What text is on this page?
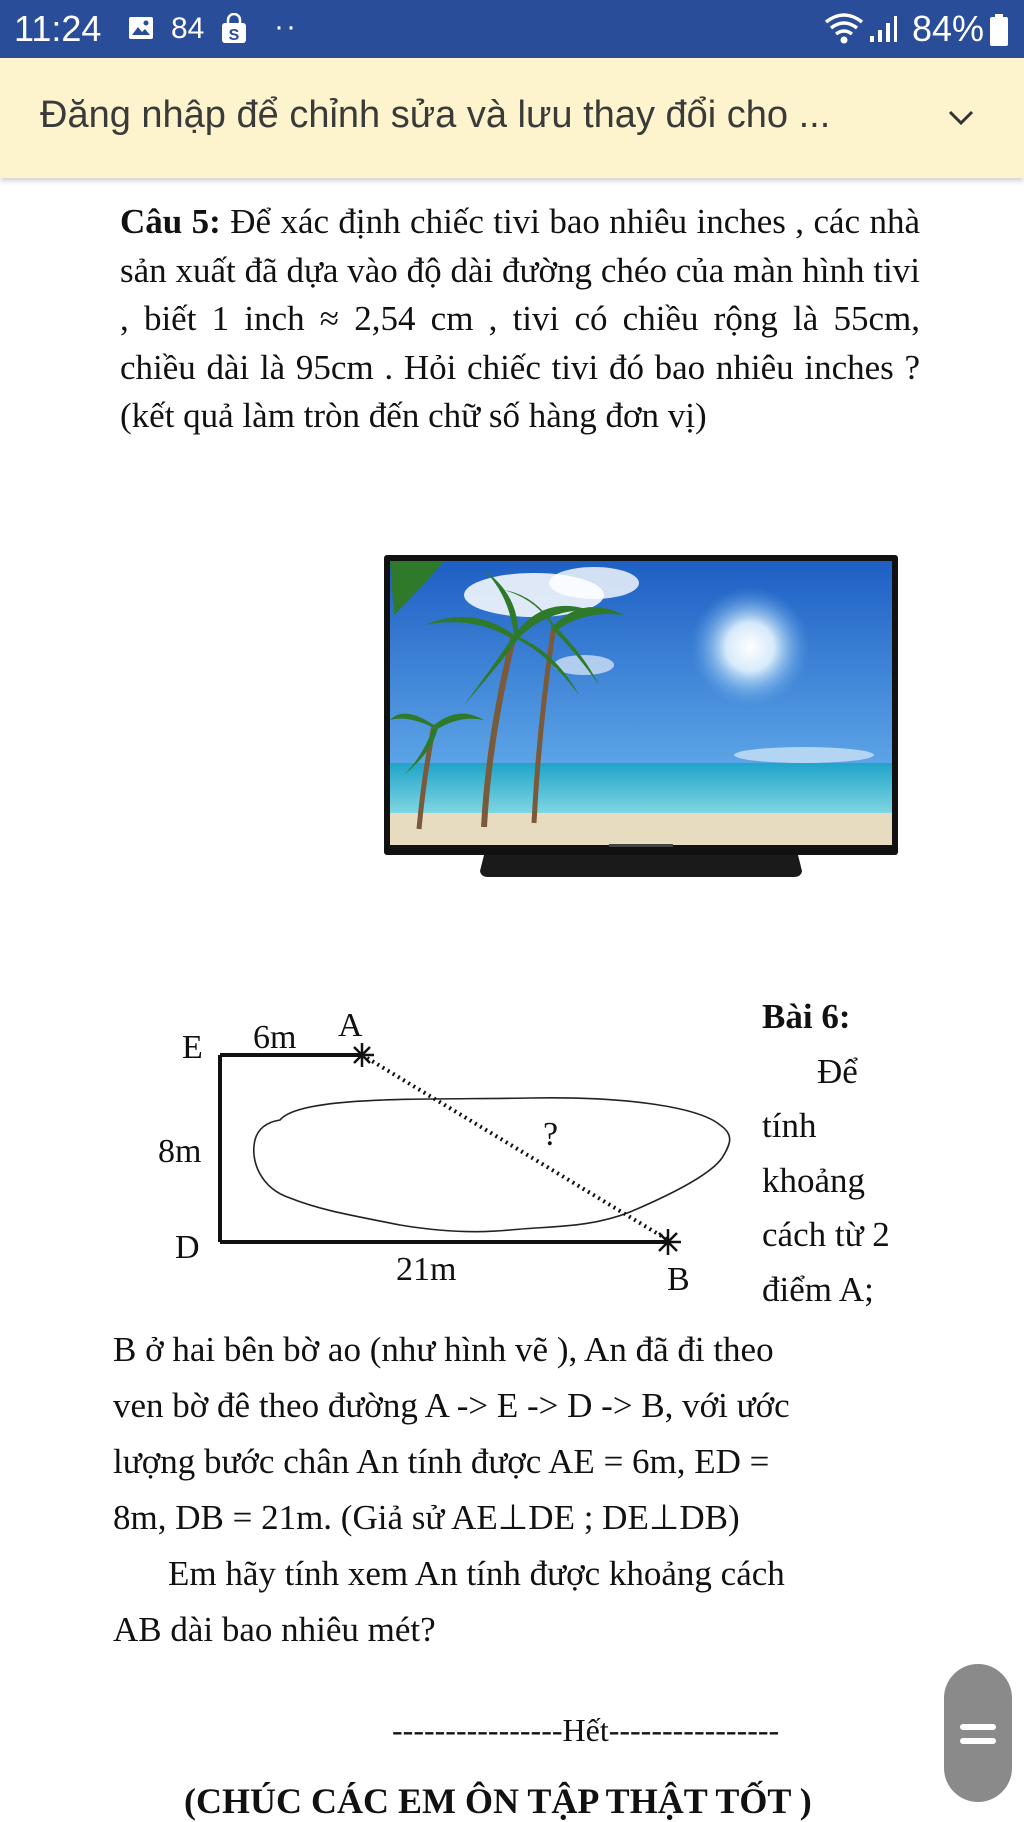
11:24 84 S ··	84%
Đăng nhập để chỉnh sửa và lưu thay đổi cho ...
Câu 5: Để xác định chiếc tivi bao nhiêu inches , các nhà sản xuất đã dựa vào độ dài đường chéo của màn hình tivi , biết 1 inch ≈ 2,54 cm , tivi có chiều rộng là 55cm, chiều dài là 95cm . Hỏi chiếc tivi đó bao nhiêu inches ? (kết quả làm tròn đến chữ số hàng đơn vị)
E 6m A
8m	?
D
21m	B
Bài 6:
Để
tính
khoảng
cách từ 2
điểm A;
B ở hai bên bờ ao (như hình vẽ ), An đã đi theo
ven bờ đê theo đường A -> E -> D -> B, với ước
lượng bước chân An tính được AE = 6m, ED =
8m, DB = 21m. (Giả sử AE⊥DE ; DE⊥DB)
Em hãy tính xem An tính được khoảng cách
AB dài bao nhiêu mét?
----------------Hết----------------
(CHÚC CÁC EM ÔN TẬP THẬT TỐT )
